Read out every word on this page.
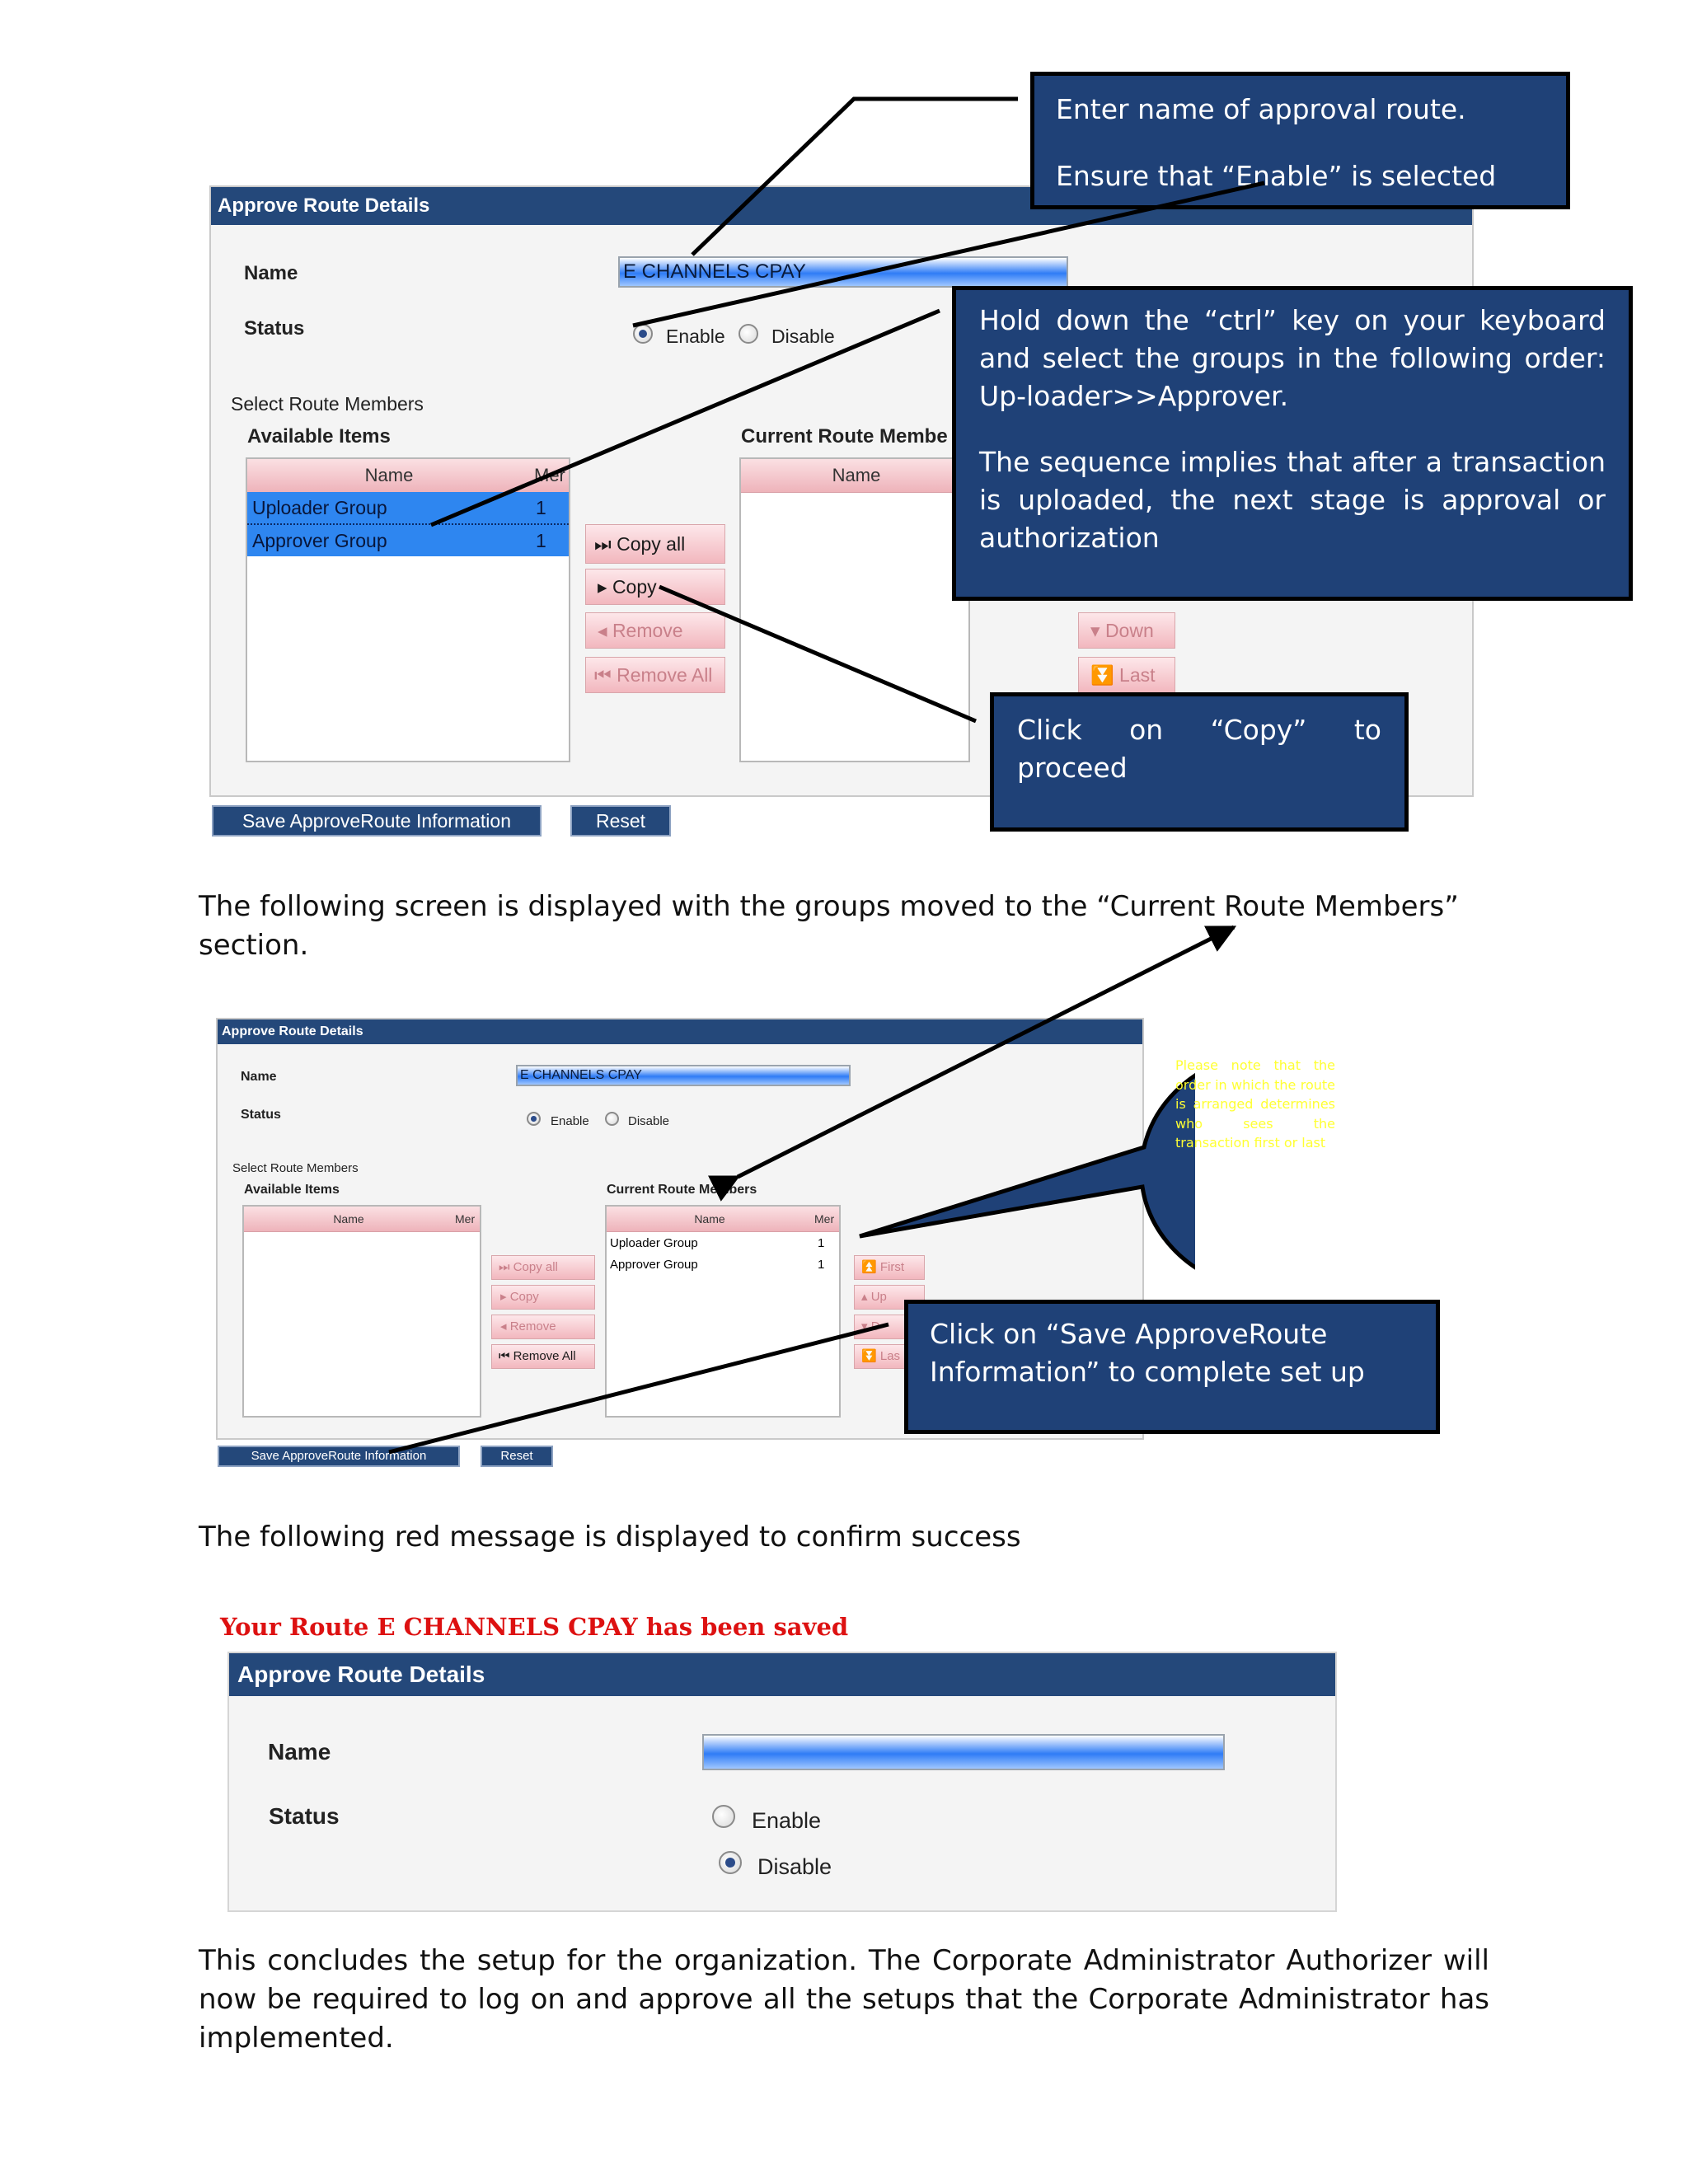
Approve Route Details
Name	E CHANNELS CPAY
Status	Enable Disable
Select Route Members
Available Items	Current Route Membe
Name	Mer
Uploader Group	1
Approver Group	1	⏭ Copy all
▸ Copy
◂ Remove
⏮ Remove All
Name
▾ Down
⏬ Last
Save ApproveRoute Information	Reset

Enter name of approval route.

Ensure that “Enable” is selected

Hold down the “ctrl” key on your keyboard and select the groups in the following order: Up-loader>>Approver.

The sequence implies that after a transaction is uploaded, the next stage is approval or authorization

Click on “Copy” to proceed

The following screen is displayed with the groups moved to the “Current Route Members” section.
Approve Route Details
Name	E CHANNELS CPAY
Status	Enable	Disable
Select Route Members
Available Items	Current Route Members
Name	Mer
⏭ Copy all
▸ Copy
◂ Remove
⏮ Remove All
Name	Mer
Uploader Group	1
Approver Group	1	⏫ First
▴ Up
▾ D
⏬ Las
Save ApproveRoute Information	Reset
Please note that the order in which the route is arranged determines who sees the transaction first or last

Click on “Save ApproveRoute Information” to complete set up

The following red message is displayed to confirm success
Your Route E CHANNELS CPAY has been saved
Approve Route Details
Name
Status	Enable
Disable
This concludes the setup for the organization. The Corporate Administrator Authorizer will now be required to log on and approve all the setups that the Corporate Administrator has implemented.
